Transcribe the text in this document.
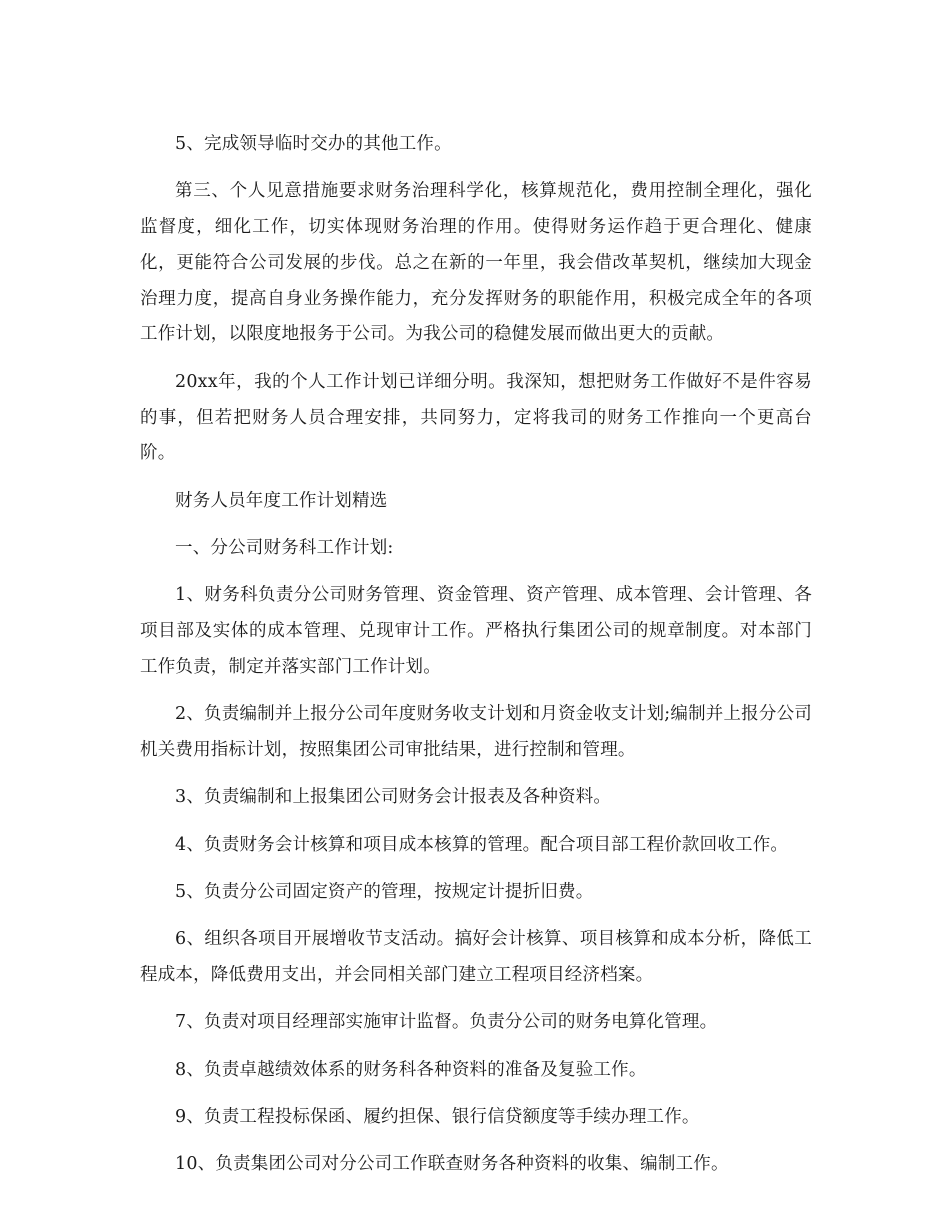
5、完成领导临时交办的其他工作。

第三、个人见意措施要求财务治理科学化，核算规范化，费用控制全理化，强化监督度，细化工作，切实体现财务治理的作用。使得财务运作趋于更合理化、健康化，更能符合公司发展的步伐。总之在新的一年里，我会借改革契机，继续加大现金治理力度，提高自身业务操作能力，充分发挥财务的职能作用，积极完成全年的各项工作计划，以限度地报务于公司。为我公司的稳健发展而做出更大的贡献。

20xx年，我的个人工作计划已详细分明。我深知，想把财务工作做好不是件容易的事，但若把财务人员合理安排，共同努力，定将我司的财务工作推向一个更高台阶。

财务人员年度工作计划精选

一、分公司财务科工作计划:

1、财务科负责分公司财务管理、资金管理、资产管理、成本管理、会计管理、各项目部及实体的成本管理、兑现审计工作。严格执行集团公司的规章制度。对本部门工作负责，制定并落实部门工作计划。

2、负责编制并上报分公司年度财务收支计划和月资金收支计划;编制并上报分公司机关费用指标计划，按照集团公司审批结果，进行控制和管理。

3、负责编制和上报集团公司财务会计报表及各种资料。

4、负责财务会计核算和项目成本核算的管理。配合项目部工程价款回收工作。

5、负责分公司固定资产的管理，按规定计提折旧费。

6、组织各项目开展增收节支活动。搞好会计核算、项目核算和成本分析，降低工程成本，降低费用支出，并会同相关部门建立工程项目经济档案。

7、负责对项目经理部实施审计监督。负责分公司的财务电算化管理。

8、负责卓越绩效体系的财务科各种资料的准备及复验工作。

9、负责工程投标保函、履约担保、银行信贷额度等手续办理工作。

10、负责集团公司对分公司工作联查财务各种资料的收集、编制工作。
